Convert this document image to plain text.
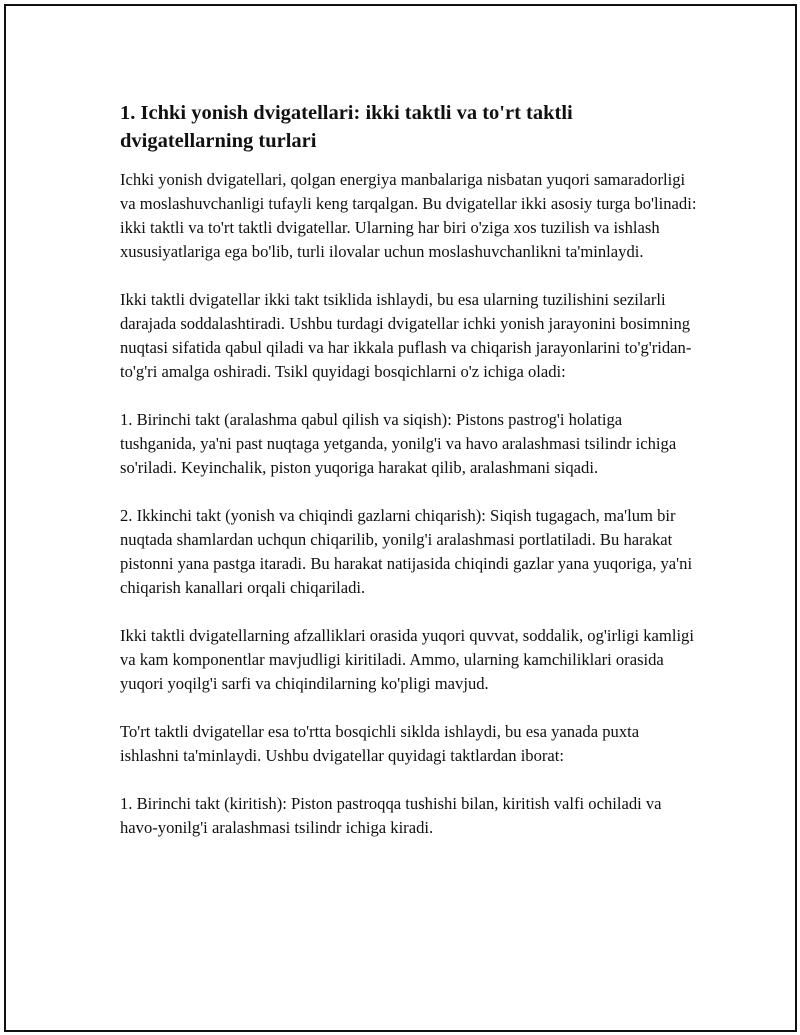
1. Ichki yonish dvigatellari: ikki taktli va to'rt taktli dvigatellarning turlari

Ichki yonish dvigatellari, qolgan energiya manbalariga nisbatan yuqori samaradorligi va moslashuvchanligi tufayli keng tarqalgan. Bu dvigatellar ikki asosiy turga bo'linadi: ikki taktli va to'rt taktli dvigatellar. Ularning har biri o'ziga xos tuzilish va ishlash xususiyatlariga ega bo'lib, turli ilovalar uchun moslashuvchanlikni ta'minlaydi.

Ikki taktli dvigatellar ikki takt tsiklida ishlaydi, bu esa ularning tuzilishini sezilarli darajada soddalashtiradi. Ushbu turdagi dvigatellar ichki yonish jarayonini bosimning nuqtasi sifatida qabul qiladi va har ikkala puflash va chiqarish jarayonlarini to'g'ridan-to'g'ri amalga oshiradi. Tsikl quyidagi bosqichlarni o'z ichiga oladi:

1. Birinchi takt (aralashma qabul qilish va siqish): Pistons pastrog'i holatiga tushganida, ya'ni past nuqtaga yetganda, yonilg'i va havo aralashmasi tsilindr ichiga so'riladi. Keyinchalik, piston yuqoriga harakat qilib, aralashmani siqadi.

2. Ikkinchi takt (yonish va chiqindi gazlarni chiqarish): Siqish tugagach, ma'lum bir nuqtada shamlardan uchqun chiqarilib, yonilg'i aralashmasi portlatiladi. Bu harakat pistonni yana pastga itaradi. Bu harakat natijasida chiqindi gazlar yana yuqoriga, ya'ni chiqarish kanallari orqali chiqariladi.

Ikki taktli dvigatellarning afzalliklari orasida yuqori quvvat, soddalik, og'irligi kamligi va kam komponentlar mavjudligi kiritiladi. Ammo, ularning kamchiliklari orasida yuqori yoqilg'i sarfi va chiqindilarning ko'pligi mavjud.

To'rt taktli dvigatellar esa to'rtta bosqichli siklda ishlaydi, bu esa yanada puxta ishlashni ta'minlaydi. Ushbu dvigatellar quyidagi taktlardan iborat:

1. Birinchi takt (kiritish): Piston pastroqqa tushishi bilan, kiritish valfi ochiladi va havo-yonilg'i aralashmasi tsilindr ichiga kiradi.
